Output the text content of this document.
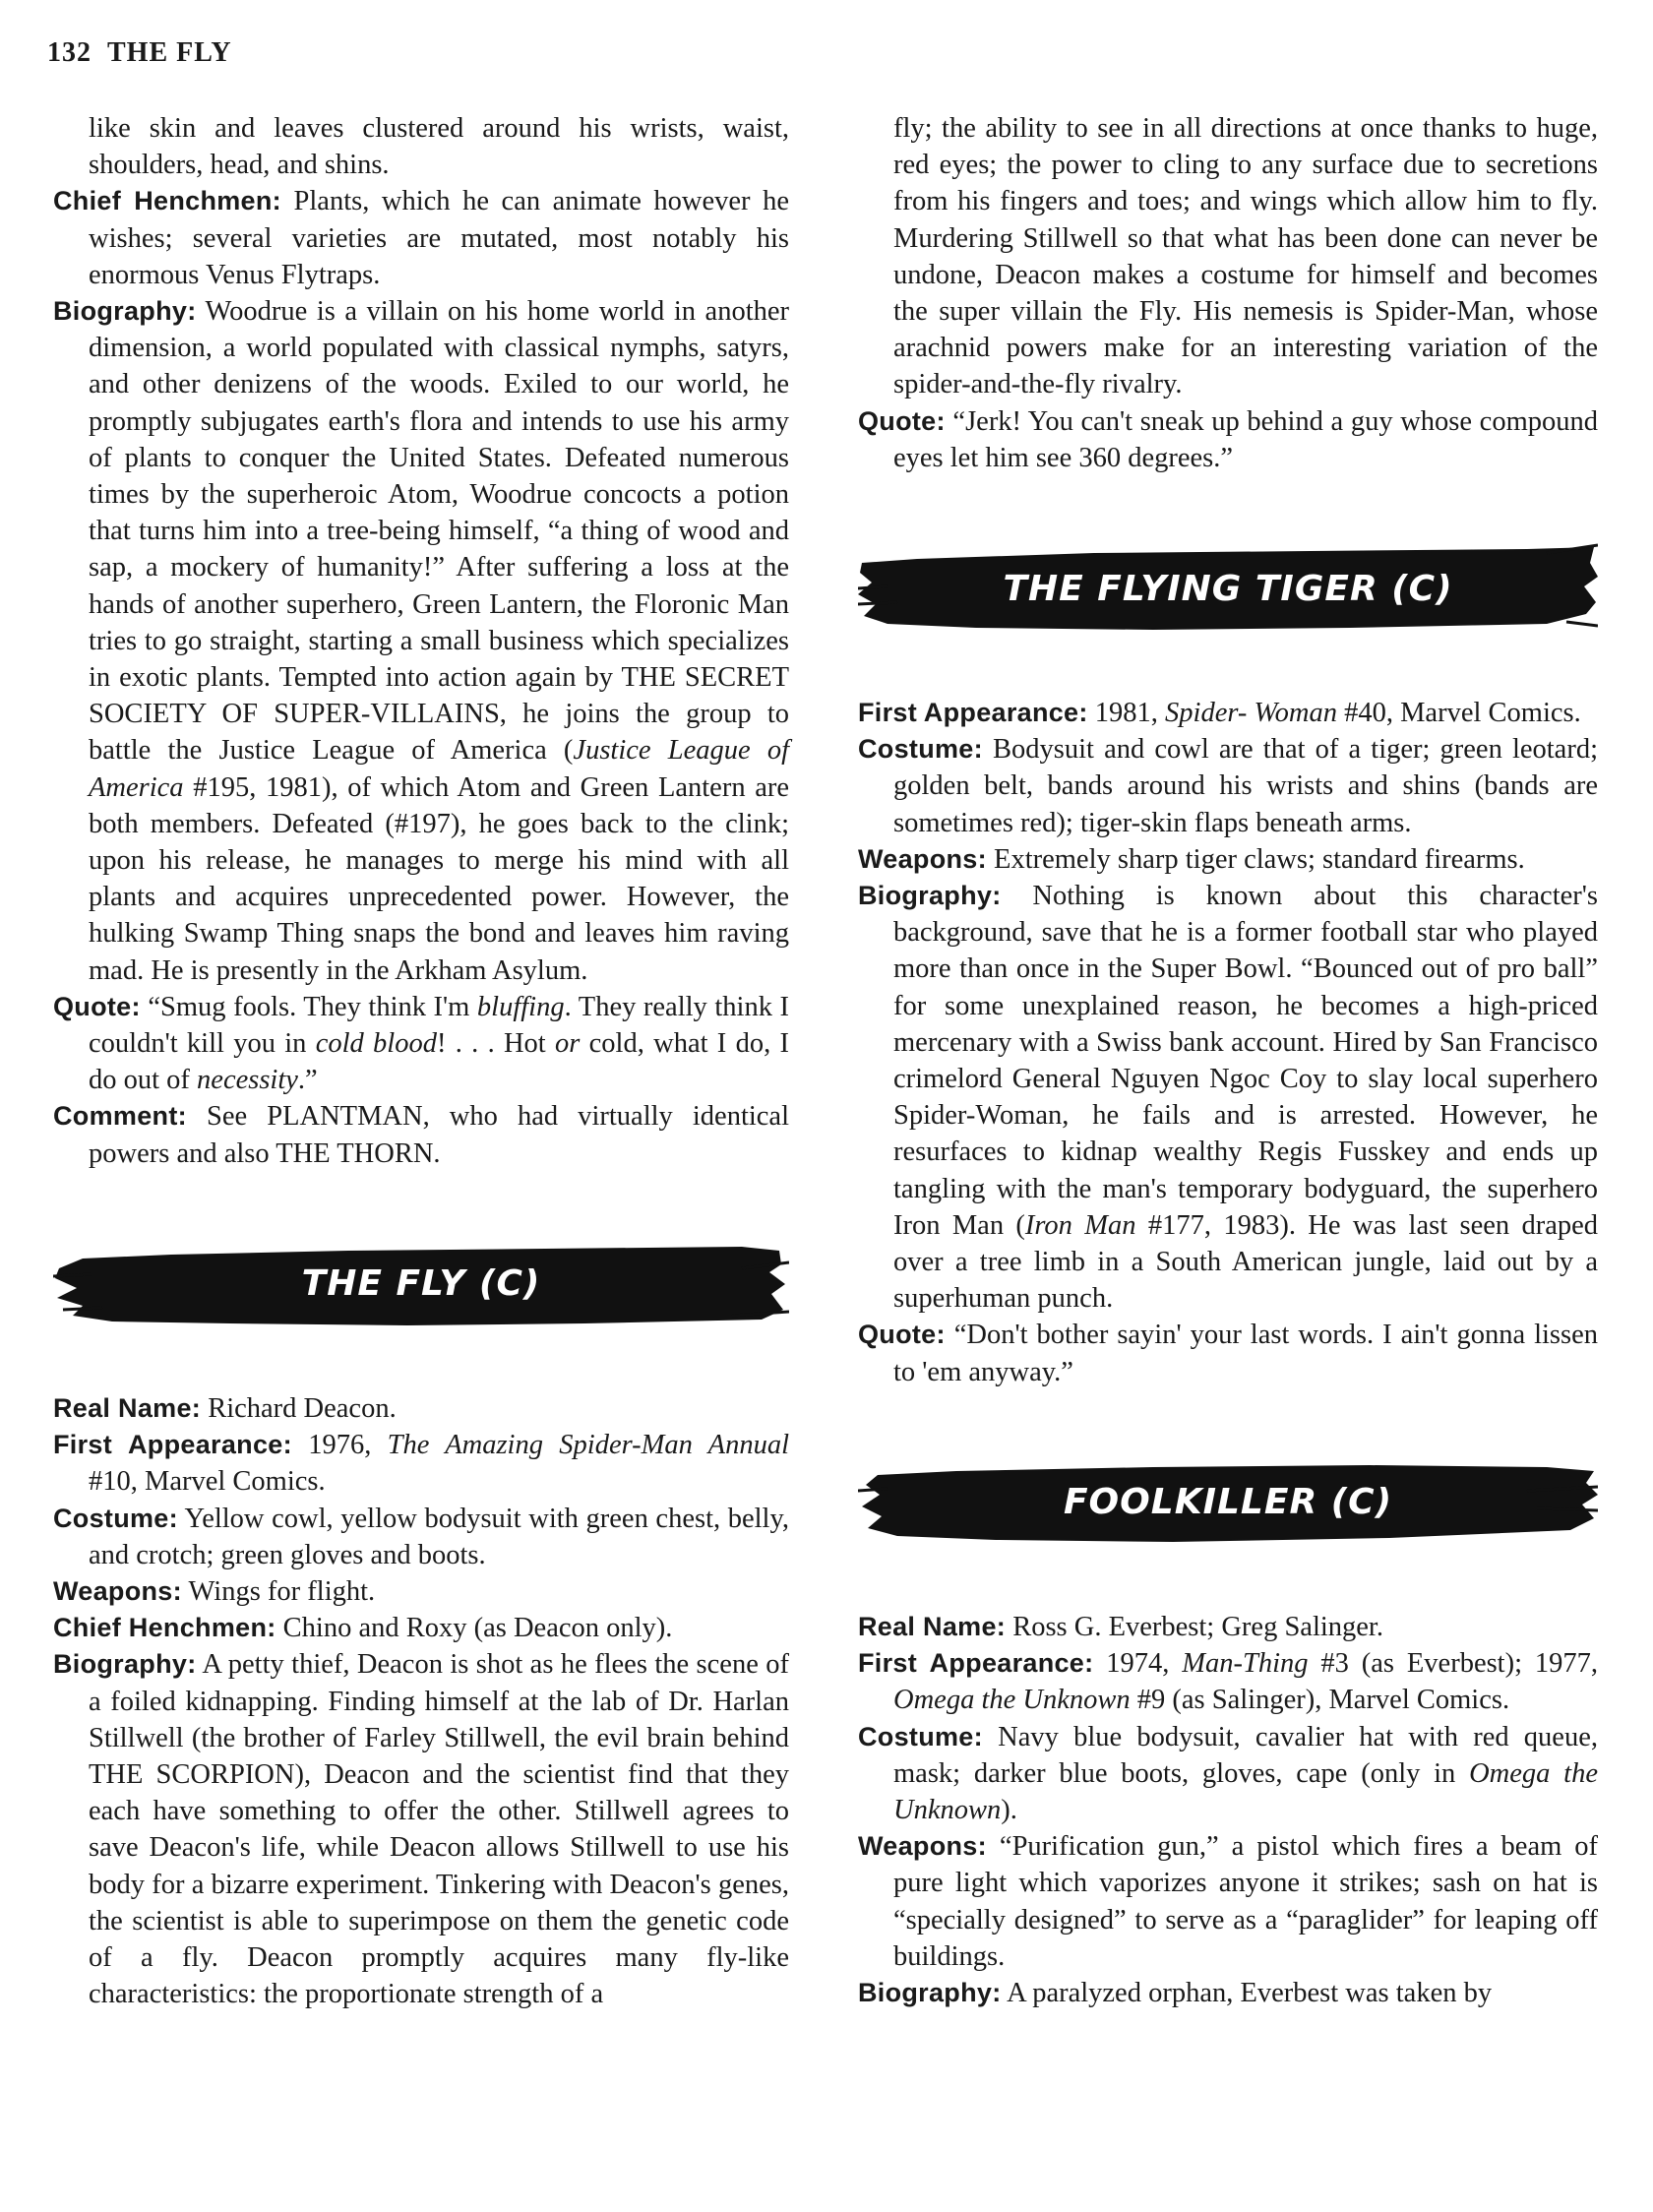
132 THE FLY

like skin and leaves clustered around his wrists, waist, shoulders, head, and shins.

Chief Henchmen: Plants, which he can animate however he wishes; several varieties are mutated, most notably his enormous Venus Flytraps.

Biography: Woodrue is a villain on his home world in another dimension, a world populated with classical nymphs, satyrs, and other denizens of the woods. Exiled to our world, he promptly subjugates earth's flora and intends to use his army of plants to conquer the United States. Defeated numerous times by the superheroic Atom, Woodrue concocts a potion that turns him into a tree-being himself, “a thing of wood and sap, a mockery of humanity!” After suffering a loss at the hands of another superhero, Green Lantern, the Floronic Man tries to go straight, starting a small business which specializes in exotic plants. Tempted into action again by THE SECRET SOCIETY OF SUPER-VILLAINS, he joins the group to battle the Justice League of America (Justice League of America #195, 1981), of which Atom and Green Lantern are both members. Defeated (#197), he goes back to the clink; upon his release, he manages to merge his mind with all plants and acquires unprecedented power. However, the hulking Swamp Thing snaps the bond and leaves him raving mad. He is presently in the Arkham Asylum.

Quote: “Smug fools. They think I'm bluffing. They really think I couldn't kill you in cold blood! . . . Hot or cold, what I do, I do out of necessity.”

Comment: See PLANTMAN, who had virtually identical powers and also THE THORN.

THE FLY (C)

Real Name: Richard Deacon.

First Appearance: 1976, The Amazing Spider-Man Annual #10, Marvel Comics.

Costume: Yellow cowl, yellow bodysuit with green chest, belly, and crotch; green gloves and boots.

Weapons: Wings for flight.

Chief Henchmen: Chino and Roxy (as Deacon only).

Biography: A petty thief, Deacon is shot as he flees the scene of a foiled kidnapping. Finding himself at the lab of Dr. Harlan Stillwell (the brother of Farley Stillwell, the evil brain behind THE SCORPION), Deacon and the scientist find that they each have something to offer the other. Stillwell agrees to save Deacon's life, while Deacon allows Stillwell to use his body for a bizarre experiment. Tinkering with Deacon's genes, the scientist is able to superimpose on them the genetic code of a fly. Deacon promptly acquires many fly-like characteristics: the proportionate strength of a

fly; the ability to see in all directions at once thanks to huge, red eyes; the power to cling to any surface due to secretions from his fingers and toes; and wings which allow him to fly. Murdering Stillwell so that what has been done can never be undone, Deacon makes a costume for himself and becomes the super villain the Fly. His nemesis is Spider-Man, whose arachnid powers make for an interesting variation of the spider-and-the-fly rivalry.

Quote: “Jerk! You can't sneak up behind a guy whose compound eyes let him see 360 degrees.”

THE FLYING TIGER (C)

First Appearance: 1981, Spider- Woman #40, Marvel Comics.

Costume: Bodysuit and cowl are that of a tiger; green leotard; golden belt, bands around his wrists and shins (bands are sometimes red); tiger-skin flaps beneath arms.

Weapons: Extremely sharp tiger claws; standard firearms.

Biography: Nothing is known about this character's background, save that he is a former football star who played more than once in the Super Bowl. “Bounced out of pro ball” for some unexplained reason, he becomes a high-priced mercenary with a Swiss bank account. Hired by San Francisco crimelord General Nguyen Ngoc Coy to slay local superhero Spider-Woman, he fails and is arrested. However, he resurfaces to kidnap wealthy Regis Fusskey and ends up tangling with the man's temporary bodyguard, the superhero Iron Man (Iron Man #177, 1983). He was last seen draped over a tree limb in a South American jungle, laid out by a superhuman punch.

Quote: “Don't bother sayin' your last words. I ain't gonna lissen to 'em anyway.”

FOOLKILLER (C)

Real Name: Ross G. Everbest; Greg Salinger.

First Appearance: 1974, Man-Thing #3 (as Everbest); 1977, Omega the Unknown #9 (as Salinger), Marvel Comics.

Costume: Navy blue bodysuit, cavalier hat with red queue, mask; darker blue boots, gloves, cape (only in Omega the Unknown).

Weapons: “Purification gun,” a pistol which fires a beam of pure light which vaporizes anyone it strikes; sash on hat is “specially designed” to serve as a “paraglider” for leaping off buildings.

Biography: A paralyzed orphan, Everbest was taken by
